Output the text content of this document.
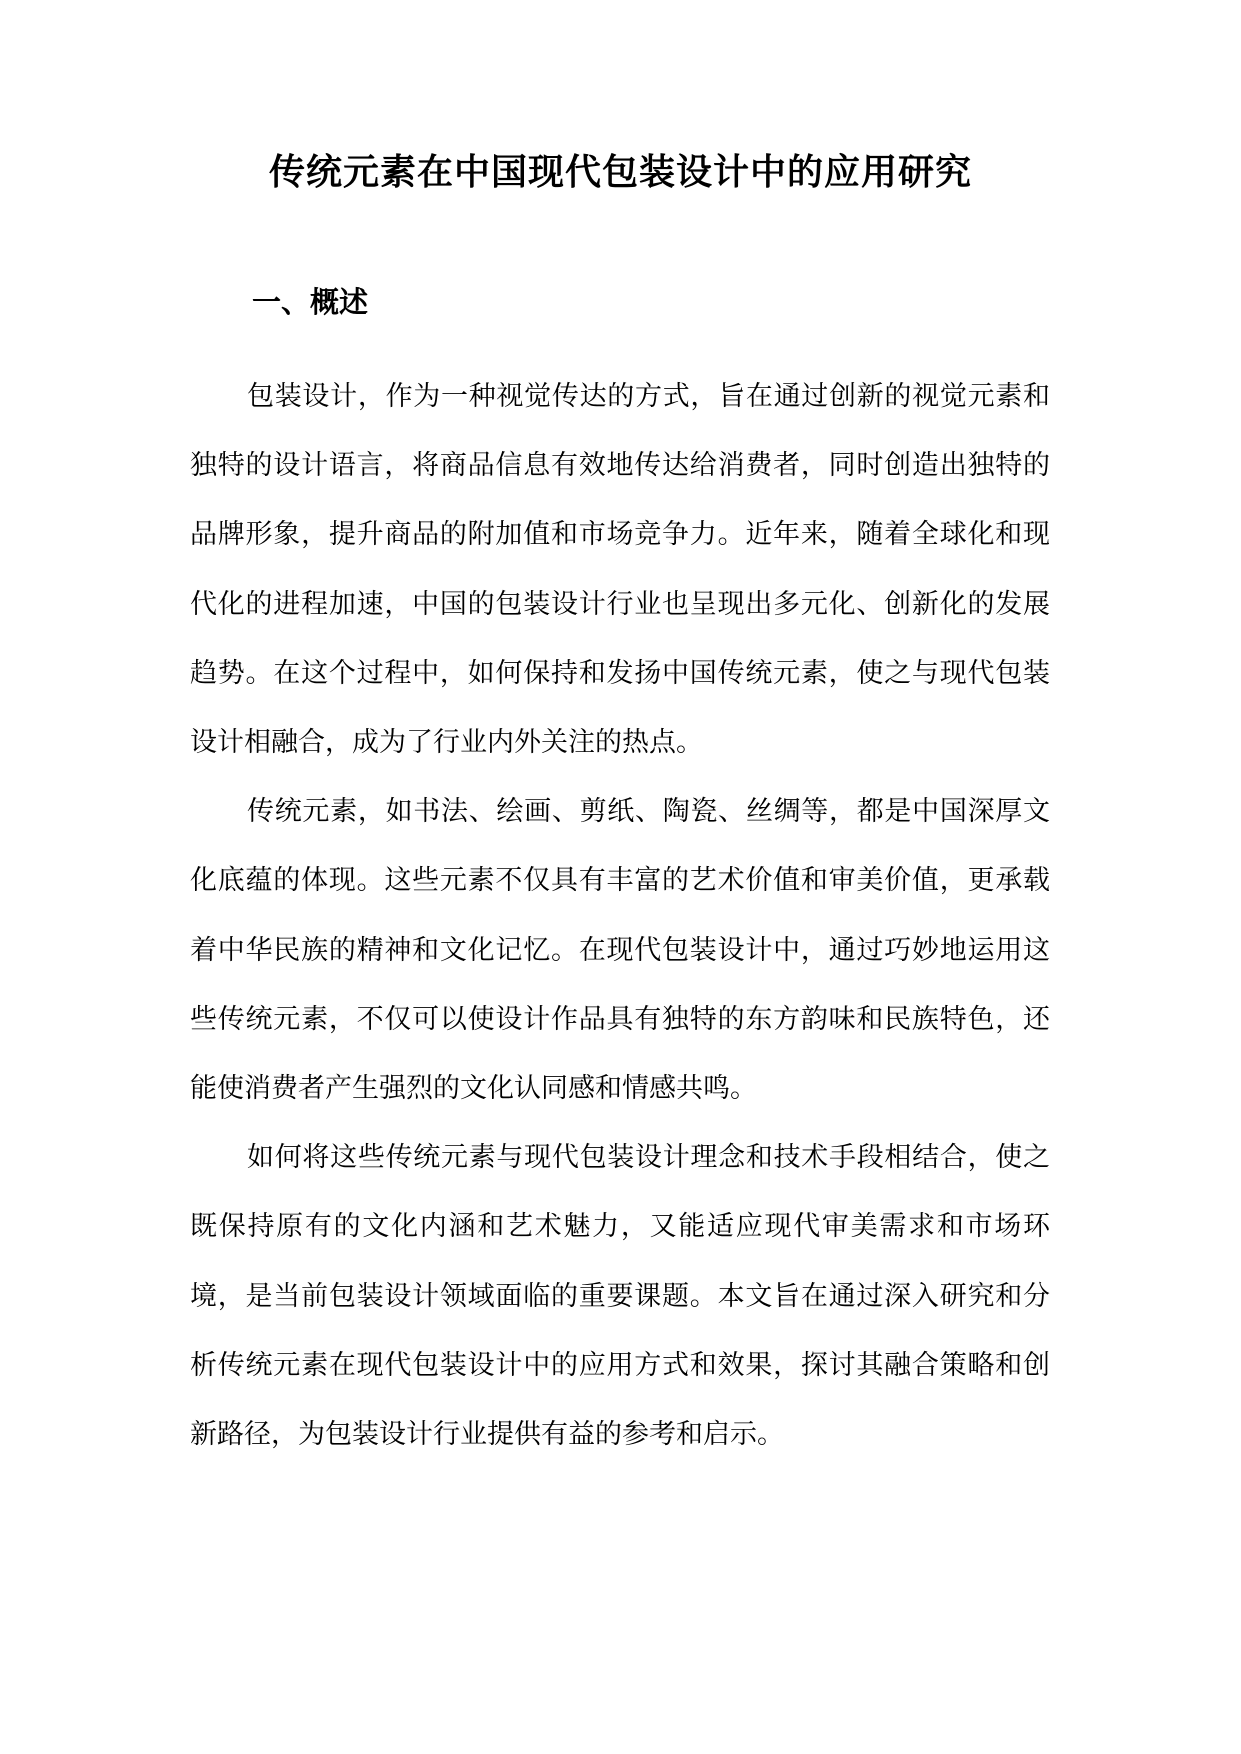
传统元素在中国现代包装设计中的应用研究
一、概述

包装设计，作为一种视觉传达的方式，旨在通过创新的视觉元素和独特的设计语言，将商品信息有效地传达给消费者，同时创造出独特的品牌形象，提升商品的附加值和市场竞争力。近年来，随着全球化和现代化的进程加速，中国的包装设计行业也呈现出多元化、创新化的发展趋势。在这个过程中，如何保持和发扬中国传统元素，使之与现代包装设计相融合，成为了行业内外关注的热点。

传统元素，如书法、绘画、剪纸、陶瓷、丝绸等，都是中国深厚文化底蕴的体现。这些元素不仅具有丰富的艺术价值和审美价值，更承载着中华民族的精神和文化记忆。在现代包装设计中，通过巧妙地运用这些传统元素，不仅可以使设计作品具有独特的东方韵味和民族特色，还能使消费者产生强烈的文化认同感和情感共鸣。

如何将这些传统元素与现代包装设计理念和技术手段相结合，使之既保持原有的文化内涵和艺术魅力，又能适应现代审美需求和市场环境，是当前包装设计领域面临的重要课题。本文旨在通过深入研究和分析传统元素在现代包装设计中的应用方式和效果，探讨其融合策略和创新路径，为包装设计行业提供有益的参考和启示。
